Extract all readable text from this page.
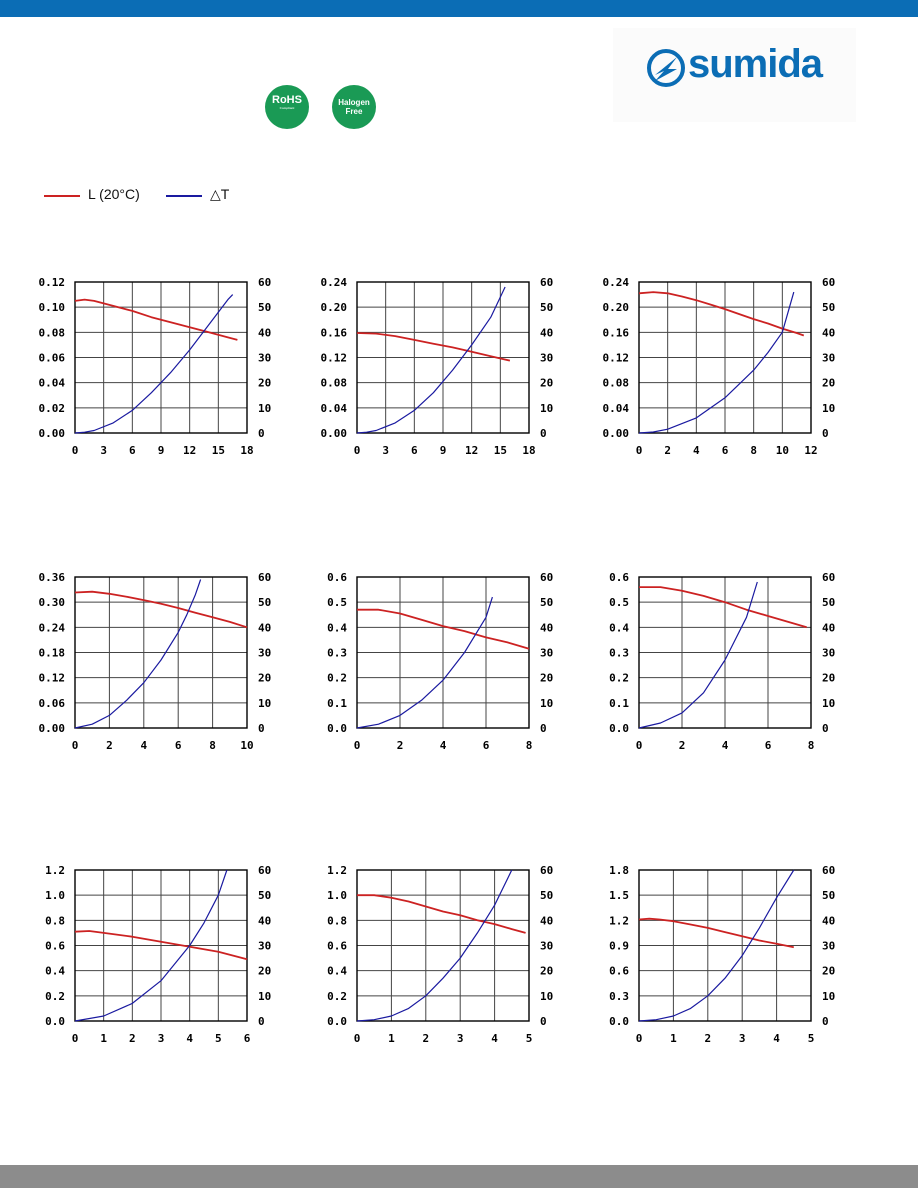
sumida
RoHS
Compliant
Halogen
Free
L (20°C)	△T
0 3 6 9 12 15 18
0.00
0.02
0.04
0.06
0.08
0.10
0.12
0
10
20
30
40
50
60
0 3 6 9 12 15 18
0.00
0.04
0.08
0.12
0.16
0.20
0.24
0
10
20
30
40
50
60
0 2 4 6 8 10 12
0.00
0.04
0.08
0.12
0.16
0.20
0.24
0
10
20
30
40
50
60
0	2	4	6	8 10
0.00
0.06
0.12
0.18
0.24
0.30
0.36
0
10
20
30
40
50
60
0	2	4	6	8
0.0
0.1
0.2
0.3
0.4
0.5
0.6
0
10
20
30
40
50
60
0	2	4	6	8
0.0
0.1
0.2
0.3
0.4
0.5
0.6
0
10
20
30
40
50
60
0 1 2 3 4 5 6
0.0
0.2
0.4
0.6
0.8
1.0
1.2
0
10
20
30
40
50
60
0	1	2	3	4	5
0.0
0.2
0.4
0.6
0.8
1.0
1.2
0
10
20
30
40
50
60
0	1	2	3	4	5
0.0
0.3
0.6
0.9
1.2
1.5
1.8
0
10
20
30
40
50
60
